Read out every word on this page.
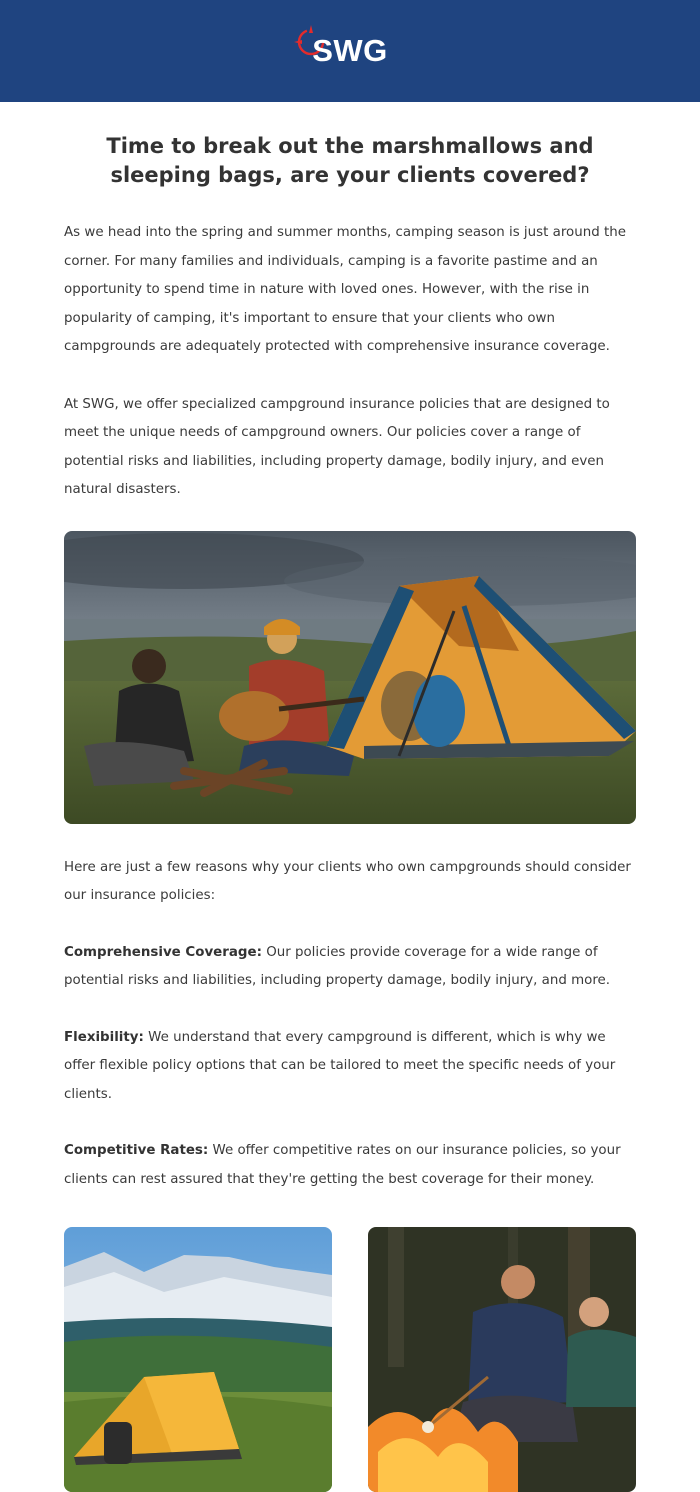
SWG
Time to break out the marshmallows and sleeping bags, are your clients covered?

As we head into the spring and summer months, camping season is just around the corner. For many families and individuals, camping is a favorite pastime and an opportunity to spend time in nature with loved ones. However, with the rise in popularity of camping, it's important to ensure that your clients who own campgrounds are adequately protected with comprehensive insurance coverage.

At SWG, we offer specialized campground insurance policies that are designed to meet the unique needs of campground owners. Our policies cover a range of potential risks and liabilities, including property damage, bodily injury, and even natural disasters.

Here are just a few reasons why your clients who own campgrounds should consider our insurance policies:

Comprehensive Coverage: Our policies provide coverage for a wide range of potential risks and liabilities, including property damage, bodily injury, and more.

Flexibility: We understand that every campground is different, which is why we offer flexible policy options that can be tailored to meet the specific needs of your clients.

Competitive Rates: We offer competitive rates on our insurance policies, so your clients can rest assured that they're getting the best coverage for their money.
